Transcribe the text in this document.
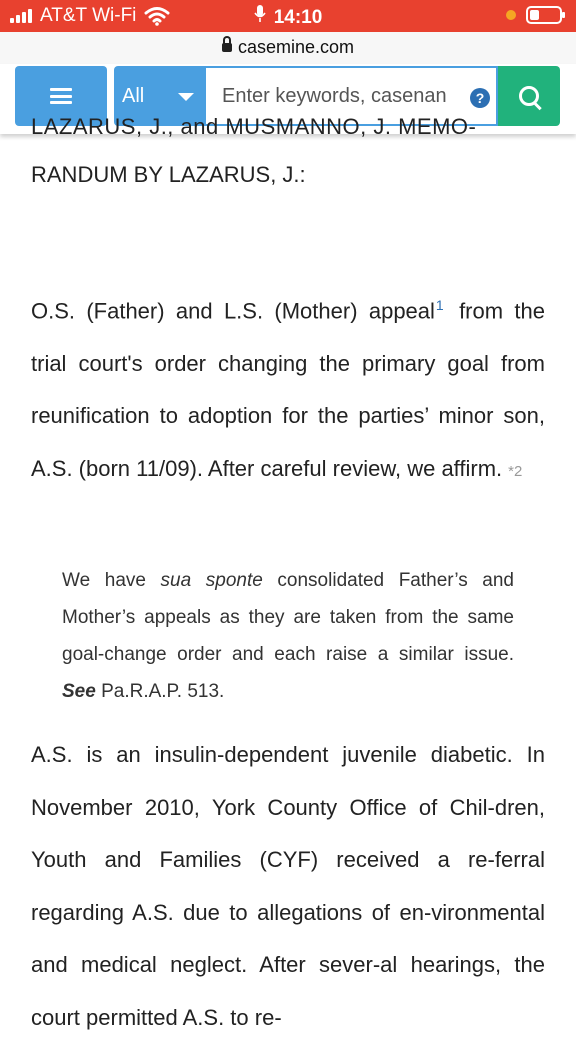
AT&T Wi-Fi	14:10
casemine.com
All
Enter keywords, casenan	?

LAZARUS, J., and MUSMANNO, J. MEMO-

RANDUM BY LAZARUS, J.:

O.S. (Father) and L.S. (Mother) appeal$^1$ from the trial court's order changing the primary goal from reunification to adoption for the parties’ minor son, A.S. (born 11/09). After careful review, we affirm. *2

We have sua sponte consolidated Father’s and Mother’s appeals as they are taken from the same goal-change order and each raise a similar issue. See Pa.R.A.P. 513.

A.S. is an insulin-dependent juvenile diabetic. In November 2010, York County Office of Chil-dren, Youth and Families (CYF) received a re-ferral regarding A.S. due to allegations of en-vironmental and medical neglect. After sever-al hearings, the court permitted A.S. to re-
